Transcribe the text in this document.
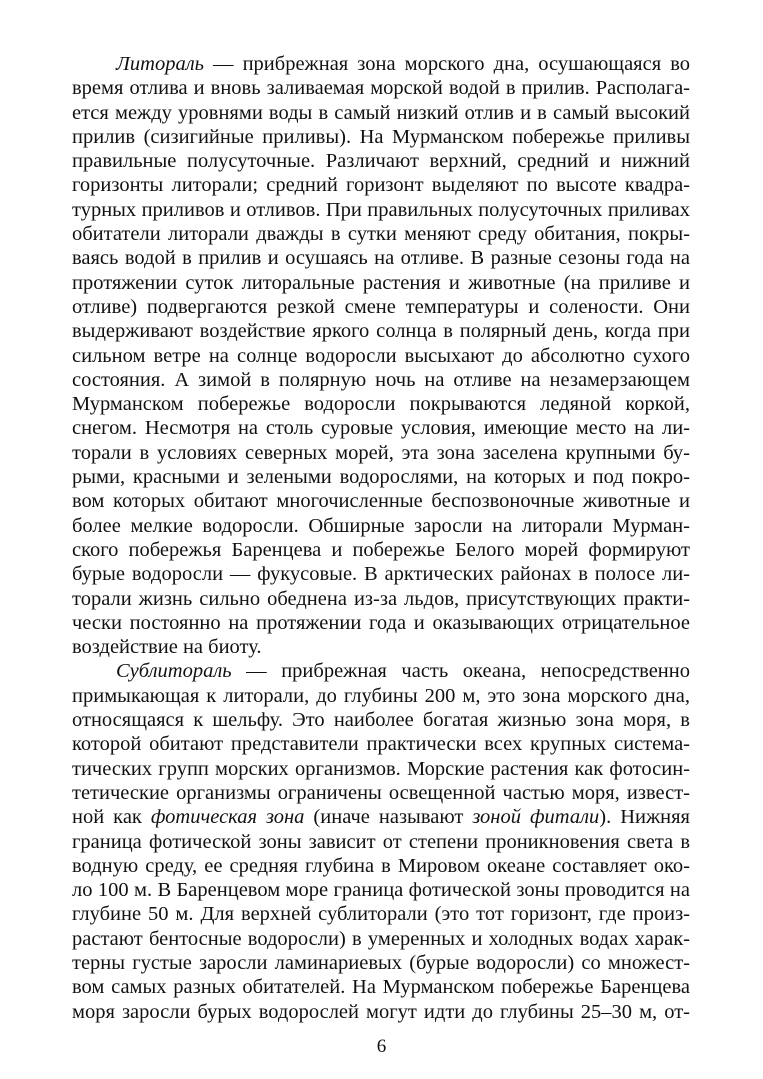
Литораль — прибрежная зона морского дна, осушающаяся во
время отлива и вновь заливаемая морской водой в прилив. Располага-
ется между уровнями воды в самый низкий отлив и в самый высокий
прилив (сизигийные приливы). На Мурманском побережье приливы
правильные полусуточные. Различают верхний, средний и нижний
горизонты литорали; средний горизонт выделяют по высоте квадра-
турных приливов и отливов. При правильных полусуточных приливах
обитатели литорали дважды в сутки меняют среду обитания, покры-
ваясь водой в прилив и осушаясь на отливе. В разные сезоны года на
протяжении суток литоральные растения и животные (на приливе и
отливе) подвергаются резкой смене температуры и солености. Они
выдерживают воздействие яркого солнца в полярный день, когда при
сильном ветре на солнце водоросли высыхают до абсолютно сухого
состояния. А зимой в полярную ночь на отливе на незамерзающем
Мурманском побережье водоросли покрываются ледяной коркой,
снегом. Несмотря на столь суровые условия, имеющие место на ли-
торали в условиях северных морей, эта зона заселена крупными бу-
рыми, красными и зелеными водорослями, на которых и под покро-
вом которых обитают многочисленные беспозвоночные животные и
более мелкие водоросли. Обширные заросли на литорали Мурман-
ского побережья Баренцева и побережье Белого морей формируют
бурые водоросли — фукусовые. В арктических районах в полосе ли-
торали жизнь сильно обеднена из-за льдов, присутствующих практи-
чески постоянно на протяжении года и оказывающих отрицательное
воздействие на биоту.
Сублитораль — прибрежная часть океана, непосредственно
примыкающая к литорали, до глубины 200 м, это зона морского дна,
относящаяся к шельфу. Это наиболее богатая жизнью зона моря, в
которой обитают представители практически всех крупных система-
тических групп морских организмов. Морские растения как фотосин-
тетические организмы ограничены освещенной частью моря, извест-
ной как фотическая зона (иначе называют зоной фитали). Нижняя
граница фотической зоны зависит от степени проникновения света в
водную среду, ее средняя глубина в Мировом океане составляет око-
ло 100 м. В Баренцевом море граница фотической зоны проводится на
глубине 50 м. Для верхней сублиторали (это тот горизонт, где произ-
растают бентосные водоросли) в умеренных и холодных водах харак-
терны густые заросли ламинариевых (бурые водоросли) со множест-
вом самых разных обитателей. На Мурманском побережье Баренцева
моря заросли бурых водорослей могут идти до глубины 25–30 м, от-
6
